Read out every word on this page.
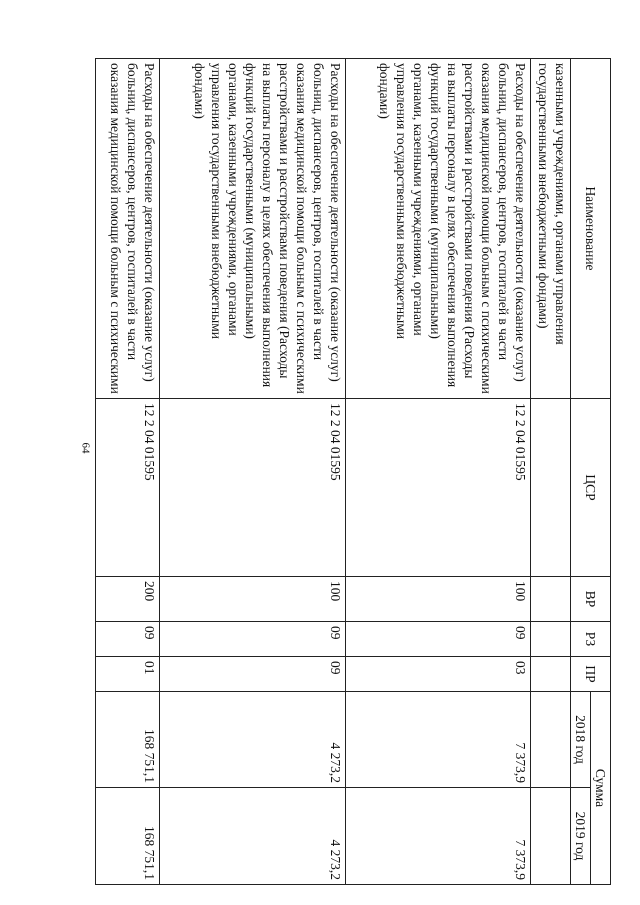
64
Наименование	ЦСР	ВР	РЗ	ПР	Сумма	
					2018 год	2019 год
казенными учреждениями, органами управления государственными внебюджетными фондами)						
Расходы на обеспечение деятельности (оказание услуг) больниц, диспансеров, центров, госпиталей в части оказания медицинской помощи больным с психическими расстройствами и расстройствами поведения (Расходы на выплаты персоналу в целях обеспечения выполнения функций государственными (муниципальными) органами, казенными учреждениями, органами управления государственными внебюджетными фондами)	12 2 04 01595	100	09	03	7 373,9	7 373,9
Расходы на обеспечение деятельности (оказание услуг) больниц, диспансеров, центров, госпиталей в части оказания медицинской помощи больным с психическими расстройствами и расстройствами поведения (Расходы на выплаты персоналу в целях обеспечения выполнения функций государственными (муниципальными) органами, казенными учреждениями, органами управления государственными внебюджетными фондами)	12 2 04 01595	100	09	09	4 273,2	4 273,2
Расходы на обеспечение деятельности (оказание услуг) больниц, диспансеров, центров, госпиталей в части оказания медицинской помощи больным с психическими	12 2 04 01595	200	09	01	168 751,1	168 751,1
